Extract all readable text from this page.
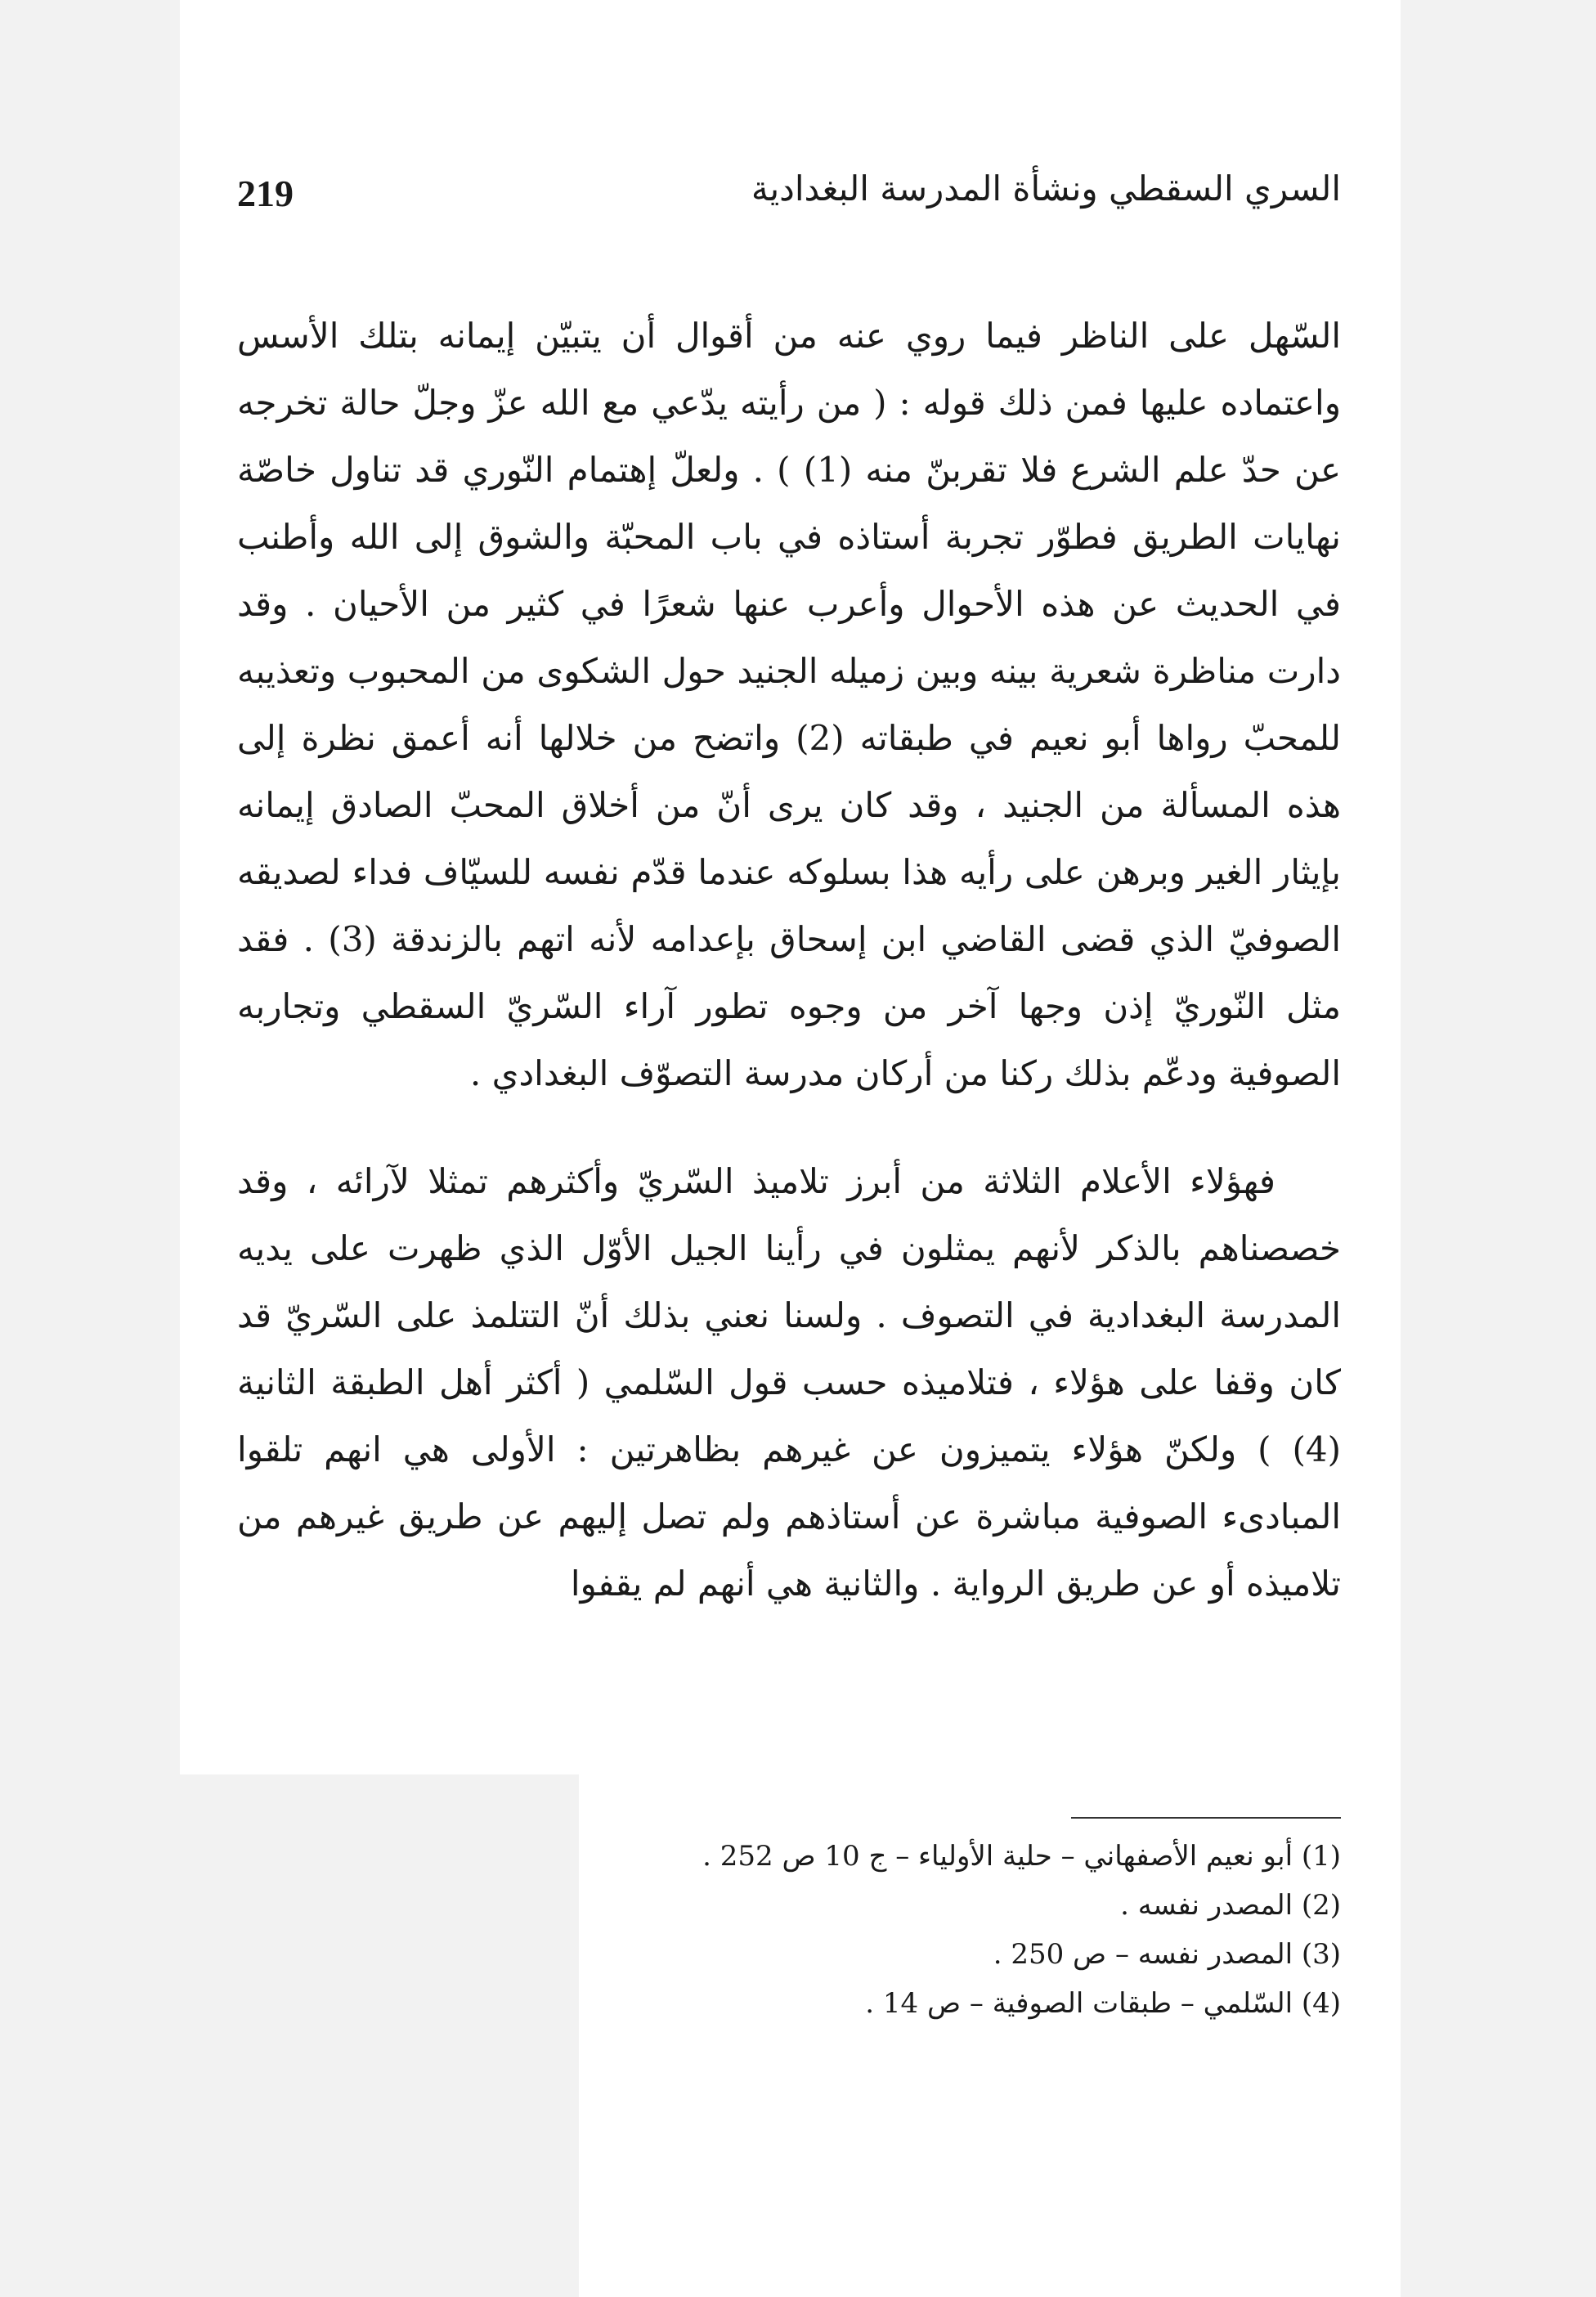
219	السري السقطي ونشأة المدرسة البغدادية

السّهل على الناظر فيما روي عنه من أقوال أن يتبيّن إيمانه بتلك الأسس واعتماده عليها فمن ذلك قوله : ( من رأيته يدّعي مع الله عزّ وجلّ حالة تخرجه عن حدّ علم الشرع فلا تقربنّ منه (1) ) . ولعلّ إهتمام النّوري قد تناول خاصّة نهايات الطريق فطوّر تجربة أستاذه في باب المحبّة والشوق إلى الله وأطنب في الحديث عن هذه الأحوال وأعرب عنها شعرًا في كثير من الأحيان . وقد دارت مناظرة شعرية بينه وبين زميله الجنيد حول الشكوى من المحبوب وتعذيبه للمحبّ رواها أبو نعيم في طبقاته (2) واتضح من خلالها أنه أعمق نظرة إلى هذه المسألة من الجنيد ، وقد كان يرى أنّ من أخلاق المحبّ الصادق إيمانه بإيثار الغير وبرهن على رأيه هذا بسلوكه عندما قدّم نفسه للسيّاف فداء لصديقه الصوفيّ الذي قضى القاضي ابن إسحاق بإعدامه لأنه اتهم بالزندقة (3) . فقد مثل النّوريّ إذن وجها آخر من وجوه تطور آراء السّريّ السقطي وتجاربه الصوفية ودعّم بذلك ركنا من أركان مدرسة التصوّف البغدادي .

فهؤلاء الأعلام الثلاثة من أبرز تلاميذ السّريّ وأكثرهم تمثلا لآرائه ، وقد خصصناهم بالذكر لأنهم يمثلون في رأينا الجيل الأوّل الذي ظهرت على يديه المدرسة البغدادية في التصوف . ولسنا نعني بذلك أنّ التتلمذ على السّريّ قد كان وقفا على هؤلاء ، فتلاميذه حسب قول السّلمي ( أكثر أهل الطبقة الثانية (4) ) ولكنّ هؤلاء يتميزون عن غيرهم بظاهرتين : الأولى هي انهم تلقوا المبادىء الصوفية مباشرة عن أستاذهم ولم تصل إليهم عن طريق غيرهم من تلاميذه أو عن طريق الرواية . والثانية هي أنهم لم يقفوا

(1) أبو نعيم الأصفهاني – حلية الأولياء – ج 10 ص 252 .
(2) المصدر نفسه .
(3) المصدر نفسه – ص 250 .
(4) السّلمي – طبقات الصوفية – ص 14 .
